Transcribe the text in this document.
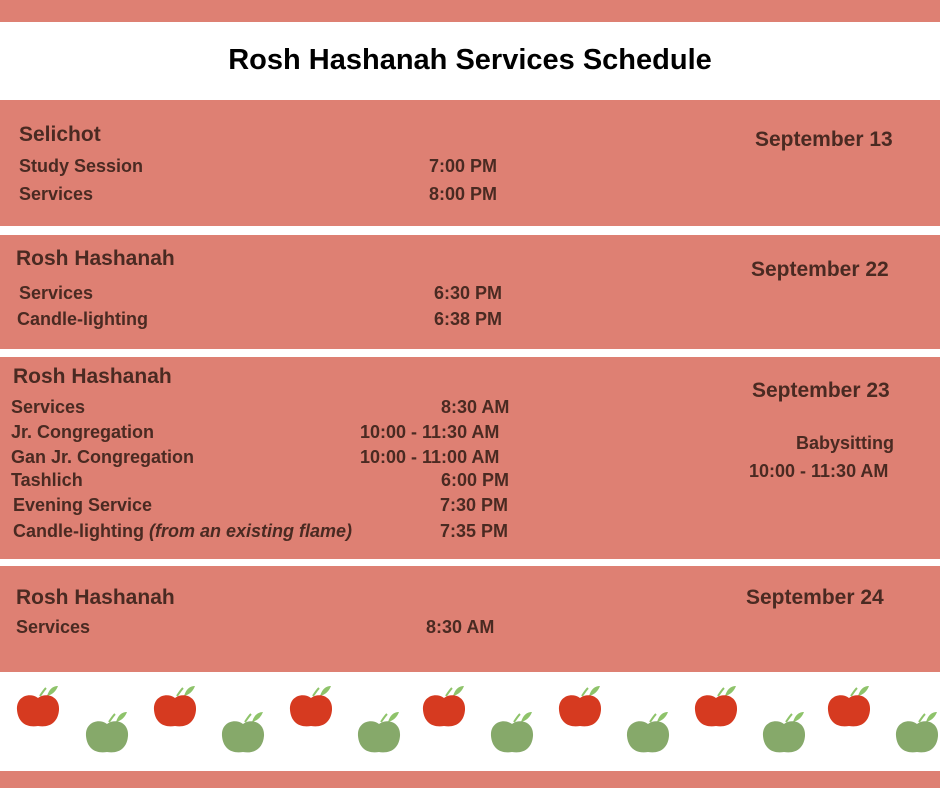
Rosh Hashanah Services Schedule
Selichot	September 13
Study Session	7:00 PM
Services	8:00 PM
Rosh Hashanah	September 22
Services	6:30 PM
Candle-lighting	6:38 PM
Rosh Hashanah
September 23
Babysitting
10:00 - 11:30 AM
Services	8:30 AM
Jr. Congregation	10:00 - 11:30 AM
Gan Jr. Congregation	10:00 - 11:00 AM
Tashlich	6:00 PM
Evening Service	7:30 PM
Candle-lighting (from an existing flame)	7:35 PM
Rosh Hashanah	September 24
Services	8:30 AM
